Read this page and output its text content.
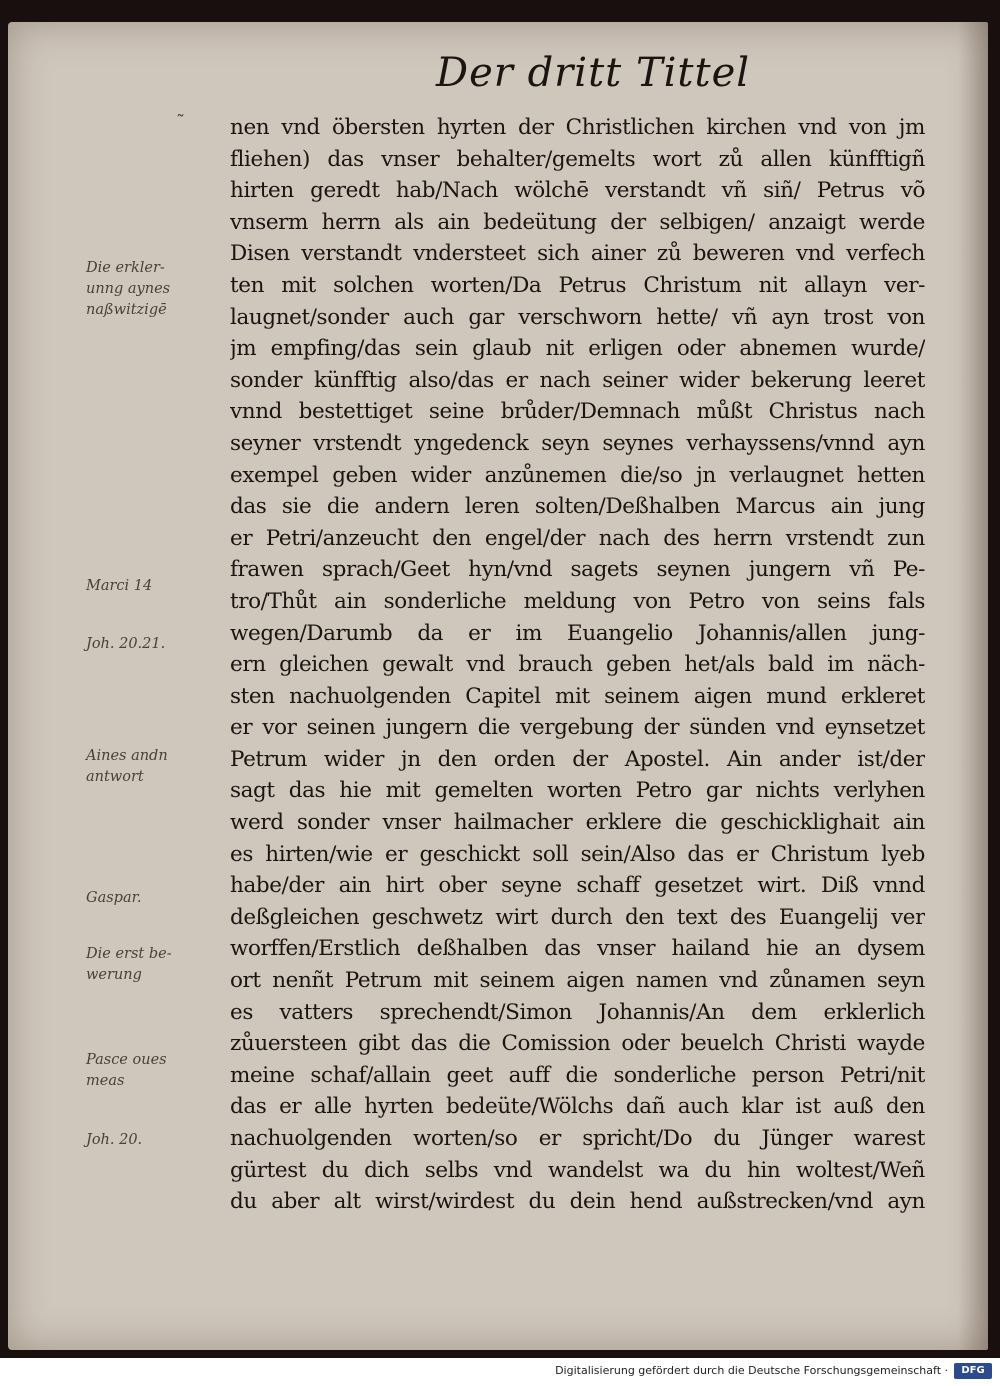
Der dritt Tittel
˜ nen vnd öbersten hyrten der Christlichen kirchen vnd von jm
fliehen) das vnser behalter/gemelts wort zů allen künfftigñ
hirten geredt hab/Nach wölchē verstandt vñ siñ/ Petrus võ
vnserm herrn als ain bedeütung der selbigen/ anzaigt werde
Disen verstandt vndersteet sich ainer zů beweren vnd verfech
ten mit solchen worten/Da Petrus Christum nit allayn ver-
laugnet/sonder auch gar verschworn hette/ vñ ayn trost von
jm empfing/das sein glaub nit erligen oder abnemen wurde/
sonder künfftig also/das er nach seiner wider bekerung leeret
vnnd bestettiget seine brůder/Demnach můßt Christus nach
seyner vrstendt yngedenck seyn seynes verhayssens/vnnd ayn
exempel geben wider anzůnemen die/so jn verlaugnet hetten
das sie die andern leren solten/Deßhalben Marcus ain jung
er Petri/anzeucht den engel/der nach des herrn vrstendt zun
frawen sprach/Geet hyn/vnd sagets seynen jungern vñ Pe-
tro/Thůt ain sonderliche meldung von Petro von seins fals
wegen/Darumb da er im Euangelio Johannis/allen jung-
ern gleichen gewalt vnd brauch geben het/als bald im näch-
sten nachuolgenden Capitel mit seinem aigen mund erkleret
er vor seinen jungern die vergebung der sünden vnd eynsetzet
Petrum wider jn den orden der Apostel. Ain ander ist/der
sagt das hie mit gemelten worten Petro gar nichts verlyhen
werd sonder vnser hailmacher erklere die geschicklighait ain
es hirten/wie er geschickt soll sein/Also das er Christum lyeb
habe/der ain hirt ober seyne schaff gesetzet wirt. Diß vnnd
deßgleichen geschwetz wirt durch den text des Euangelij ver
worffen/Erstlich deßhalben das vnser hailand hie an dysem
ort nenñt Petrum mit seinem aigen namen vnd zůnamen seyn
es vatters sprechendt/Simon Johannis/An dem erklerlich
zůuersteen gibt das die Comission oder beuelch Christi wayde
meine schaf/allain geet auff die sonderliche person Petri/nit
das er alle hyrten bedeüte/Wölchs dañ auch klar ist auß den
nachuolgenden worten/so er spricht/Do du Jünger warest
gürtest du dich selbs vnd wandelst wa du hin woltest/Weñ
du aber alt wirst/wirdest du dein hend außstrecken/vnd ayn
Die erkler-
unng aynes
naßwitzigē
Marci 14
Joh. 20.21.
Aines andn
antwort
Gaspar.
Die erst be-
werung
Pasce oues
meas
Joh. 20.
Digitalisierung gefördert durch die Deutsche Forschungsgemeinschaft ·	DFG
